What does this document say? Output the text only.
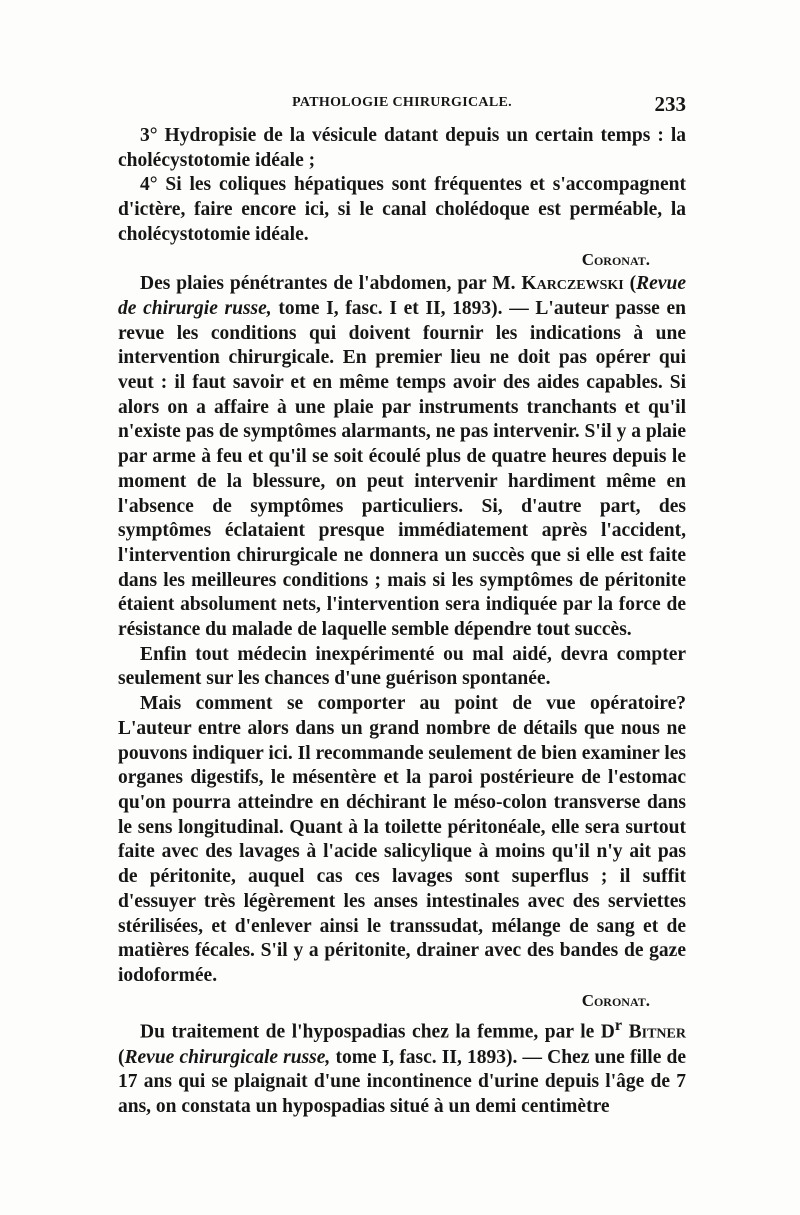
PATHOLOGIE CHIRURGICALE.	233

3° Hydropisie de la vésicule datant depuis un certain temps : la cholécystotomie idéale ;

4° Si les coliques hépatiques sont fréquentes et s'accompagnent d'ictère, faire encore ici, si le canal cholédoque est perméable, la cholécystotomie idéale.

Coronat.

Des plaies pénétrantes de l'abdomen, par M. Karczewski (Revue de chirurgie russe, tome I, fasc. I et II, 1893). — L'auteur passe en revue les conditions qui doivent fournir les indications à une intervention chirurgicale. En premier lieu ne doit pas opérer qui veut : il faut savoir et en même temps avoir des aides capables. Si alors on a affaire à une plaie par instruments tranchants et qu'il n'existe pas de symptômes alarmants, ne pas intervenir. S'il y a plaie par arme à feu et qu'il se soit écoulé plus de quatre heures depuis le moment de la blessure, on peut intervenir hardiment même en l'absence de symptômes particuliers. Si, d'autre part, des symptômes éclataient presque immédiatement après l'accident, l'intervention chirurgicale ne donnera un succès que si elle est faite dans les meilleures conditions ; mais si les symptômes de péritonite étaient absolument nets, l'intervention sera indiquée par la force de résistance du malade de laquelle semble dépendre tout succès.

Enfin tout médecin inexpérimenté ou mal aidé, devra compter seulement sur les chances d'une guérison spontanée.

Mais comment se comporter au point de vue opératoire? L'auteur entre alors dans un grand nombre de détails que nous ne pouvons indiquer ici. Il recommande seulement de bien examiner les organes digestifs, le mésentère et la paroi postérieure de l'estomac qu'on pourra atteindre en déchirant le méso-colon transverse dans le sens longitudinal. Quant à la toilette péritonéale, elle sera surtout faite avec des lavages à l'acide salicylique à moins qu'il n'y ait pas de péritonite, auquel cas ces lavages sont superflus ; il suffit d'essuyer très légèrement les anses intestinales avec des serviettes stérilisées, et d'enlever ainsi le transsudat, mélange de sang et de matières fécales. S'il y a péritonite, drainer avec des bandes de gaze iodoformée.

Coronat.

Du traitement de l'hypospadias chez la femme, par le $D^r$ Bitner (Revue chirurgicale russe, tome I, fasc. II, 1893). — Chez une fille de 17 ans qui se plaignait d'une incontinence d'urine depuis l'âge de 7 ans, on constata un hypospadias situé à un demi centimètre
